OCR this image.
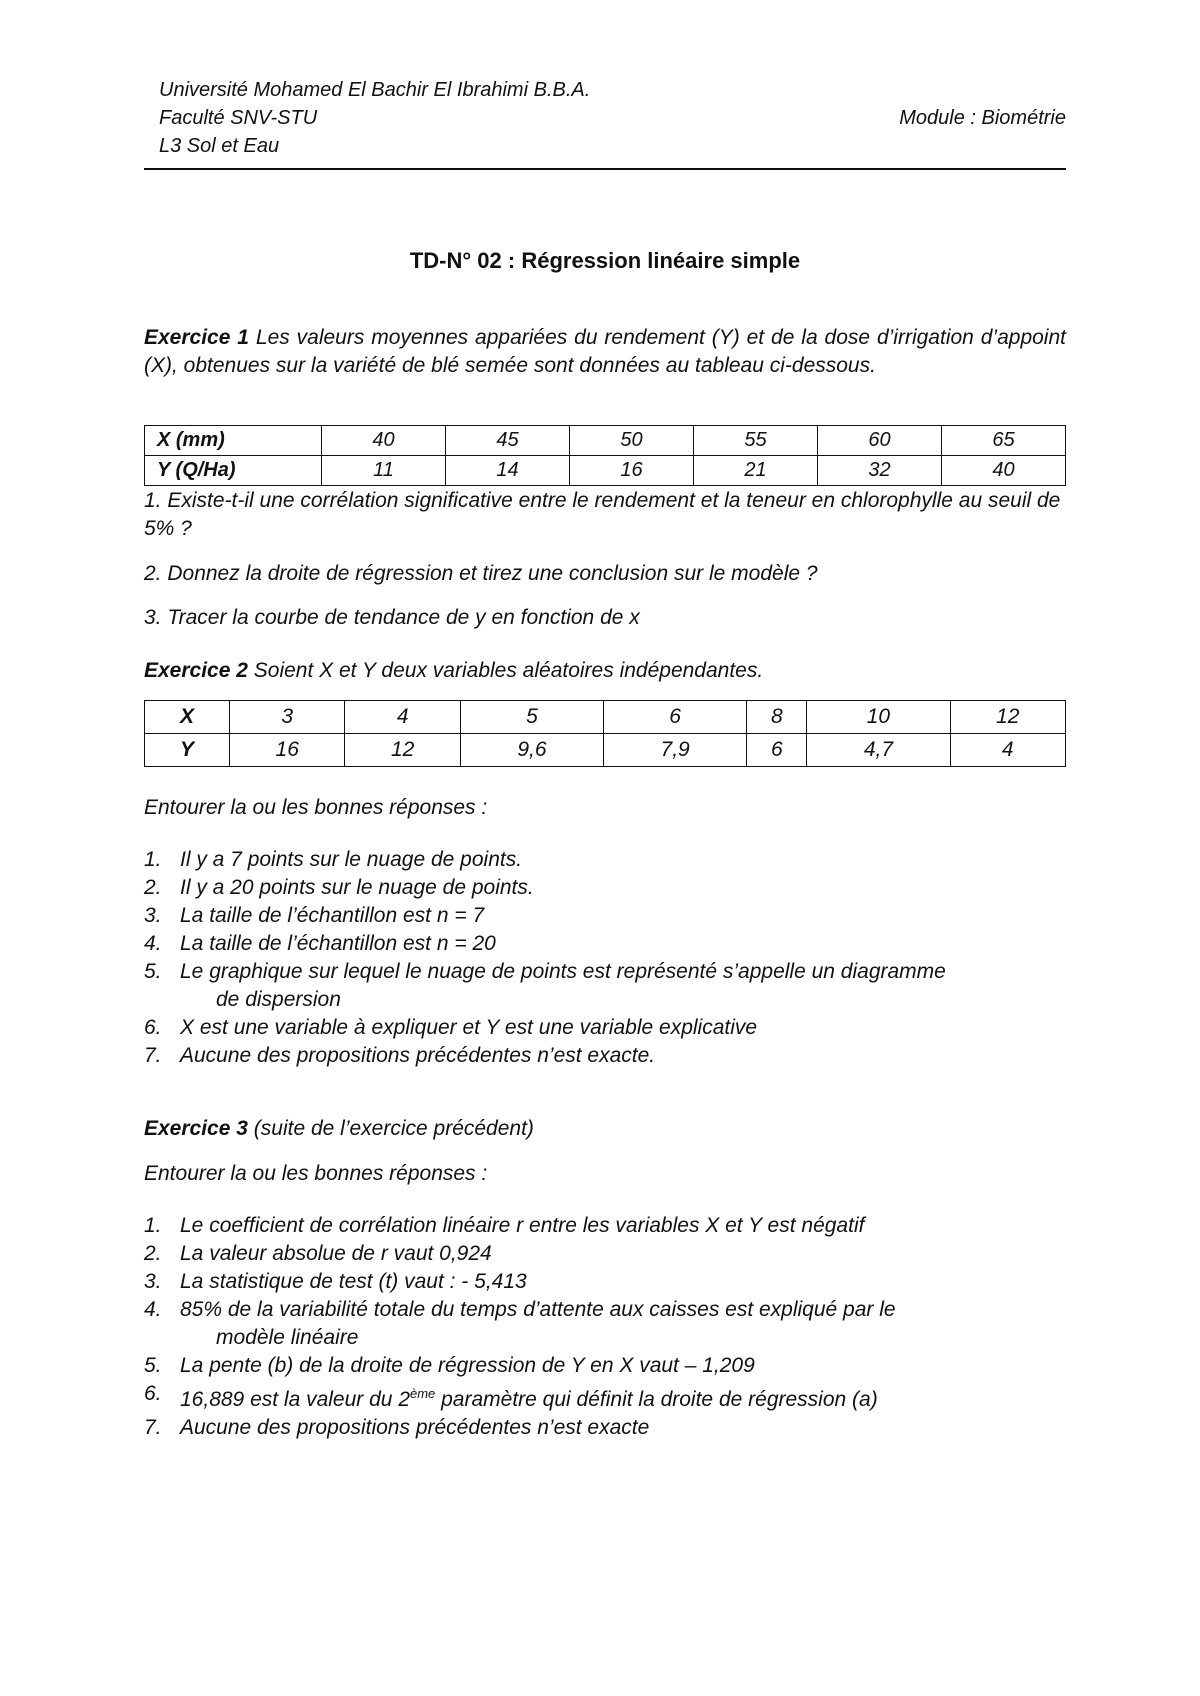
Université Mohamed El Bachir El Ibrahimi B.B.A.
Faculté SNV-STU
L3 Sol et Eau
Module : Biométrie
TD-N° 02 : Régression linéaire simple
Exercice 1 Les valeurs moyennes appariées du rendement (Y) et de la dose d’irrigation d’appoint (X), obtenues sur la variété de blé semée sont données au tableau ci-dessous.
X (mm)	40	45	50	55	60	65
Y (Q/Ha)	11	14	16	21	32	40
1. Existe-t-il une corrélation significative entre le rendement et la teneur en chlorophylle au seuil de 5% ?
2. Donnez la droite de régression et tirez une conclusion sur le modèle ?
3. Tracer la courbe de tendance de y en fonction de x
Exercice 2 Soient X et Y deux variables aléatoires indépendantes.
X	3	4	5	6	8	10	12
Y	16	12	9,6	7,9	6	4,7	4
Entourer la ou les bonnes réponses :
1. Il y a 7 points sur le nuage de points.
2. Il y a 20 points sur le nuage de points.
3. La taille de l’échantillon est n = 7
4. La taille de l’échantillon est n = 20
5. Le graphique sur lequel le nuage de points est représenté s’appelle un diagramme
de dispersion
6. X est une variable à expliquer et Y est une variable explicative
7. Aucune des propositions précédentes n’est exacte.
Exercice 3 (suite de l’exercice précédent)
Entourer la ou les bonnes réponses :
1. Le coefficient de corrélation linéaire r entre les variables X et Y est négatif
2. La valeur absolue de r vaut 0,924
3. La statistique de test (t) vaut : - 5,413
4. 85% de la variabilité totale du temps d’attente aux caisses est expliqué par le
modèle linéaire
5. La pente (b) de la droite de régression de Y en X vaut – 1,209
6. 16,889 est la valeur du 2ème paramètre qui définit la droite de régression (a)
7. Aucune des propositions précédentes n’est exacte
